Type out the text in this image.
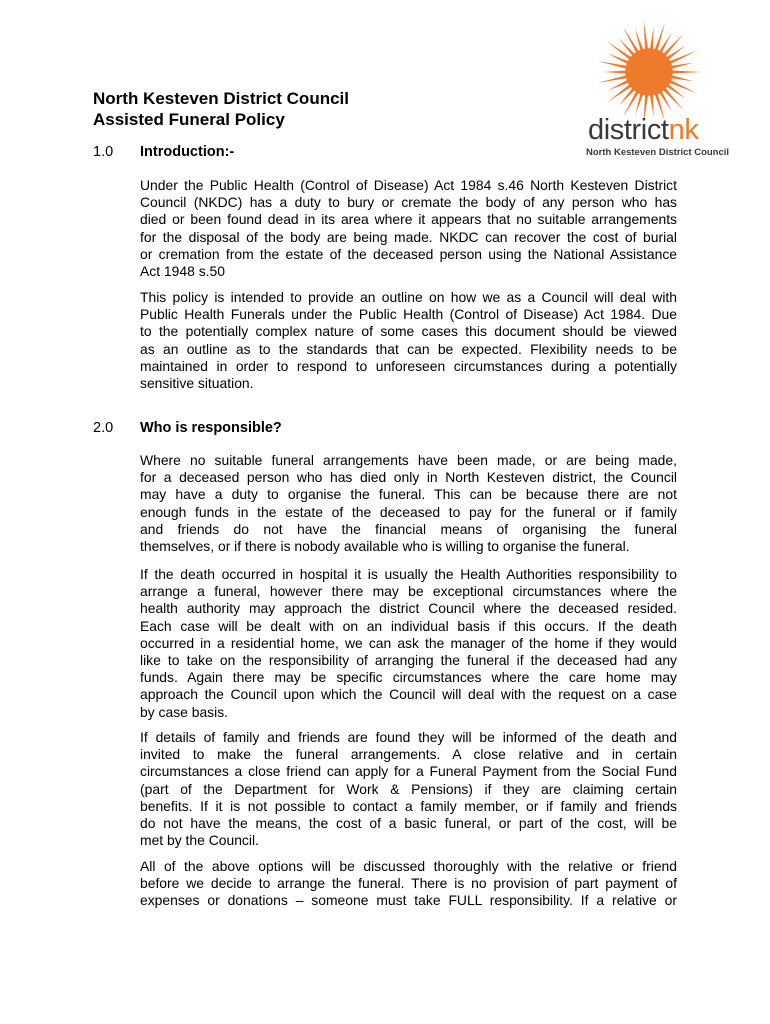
districtnk
North Kesteven District Council
North Kesteven District Council
Assisted Funeral Policy
1.0 Introduction:-
Under the Public Health (Control of Disease) Act 1984 s.46 North Kesteven District
Council (NKDC) has a duty to bury or cremate the body of any person who has
died or been found dead in its area where it appears that no suitable arrangements
for the disposal of the body are being made. NKDC can recover the cost of burial
or cremation from the estate of the deceased person using the National Assistance
Act 1948 s.50
This policy is intended to provide an outline on how we as a Council will deal with
Public Health Funerals under the Public Health (Control of Disease) Act 1984. Due
to the potentially complex nature of some cases this document should be viewed
as an outline as to the standards that can be expected. Flexibility needs to be
maintained in order to respond to unforeseen circumstances during a potentially
sensitive situation.
2.0 Who is responsible?
Where no suitable funeral arrangements have been made, or are being made,
for a deceased person who has died only in North Kesteven district, the Council
may have a duty to organise the funeral. This can be because there are not
enough funds in the estate of the deceased to pay for the funeral or if family
and friends do not have the financial means of organising the funeral
themselves, or if there is nobody available who is willing to organise the funeral.
If the death occurred in hospital it is usually the Health Authorities responsibility to
arrange a funeral, however there may be exceptional circumstances where the
health authority may approach the district Council where the deceased resided.
Each case will be dealt with on an individual basis if this occurs. If the death
occurred in a residential home, we can ask the manager of the home if they would
like to take on the responsibility of arranging the funeral if the deceased had any
funds. Again there may be specific circumstances where the care home may
approach the Council upon which the Council will deal with the request on a case
by case basis.
If details of family and friends are found they will be informed of the death and
invited to make the funeral arrangements. A close relative and in certain
circumstances a close friend can apply for a Funeral Payment from the Social Fund
(part of the Department for Work & Pensions) if they are claiming certain
benefits. If it is not possible to contact a family member, or if family and friends
do not have the means, the cost of a basic funeral, or part of the cost, will be
met by the Council.
All of the above options will be discussed thoroughly with the relative or friend
before we decide to arrange the funeral. There is no provision of part payment of
expenses or donations – someone must take FULL responsibility. If a relative or
